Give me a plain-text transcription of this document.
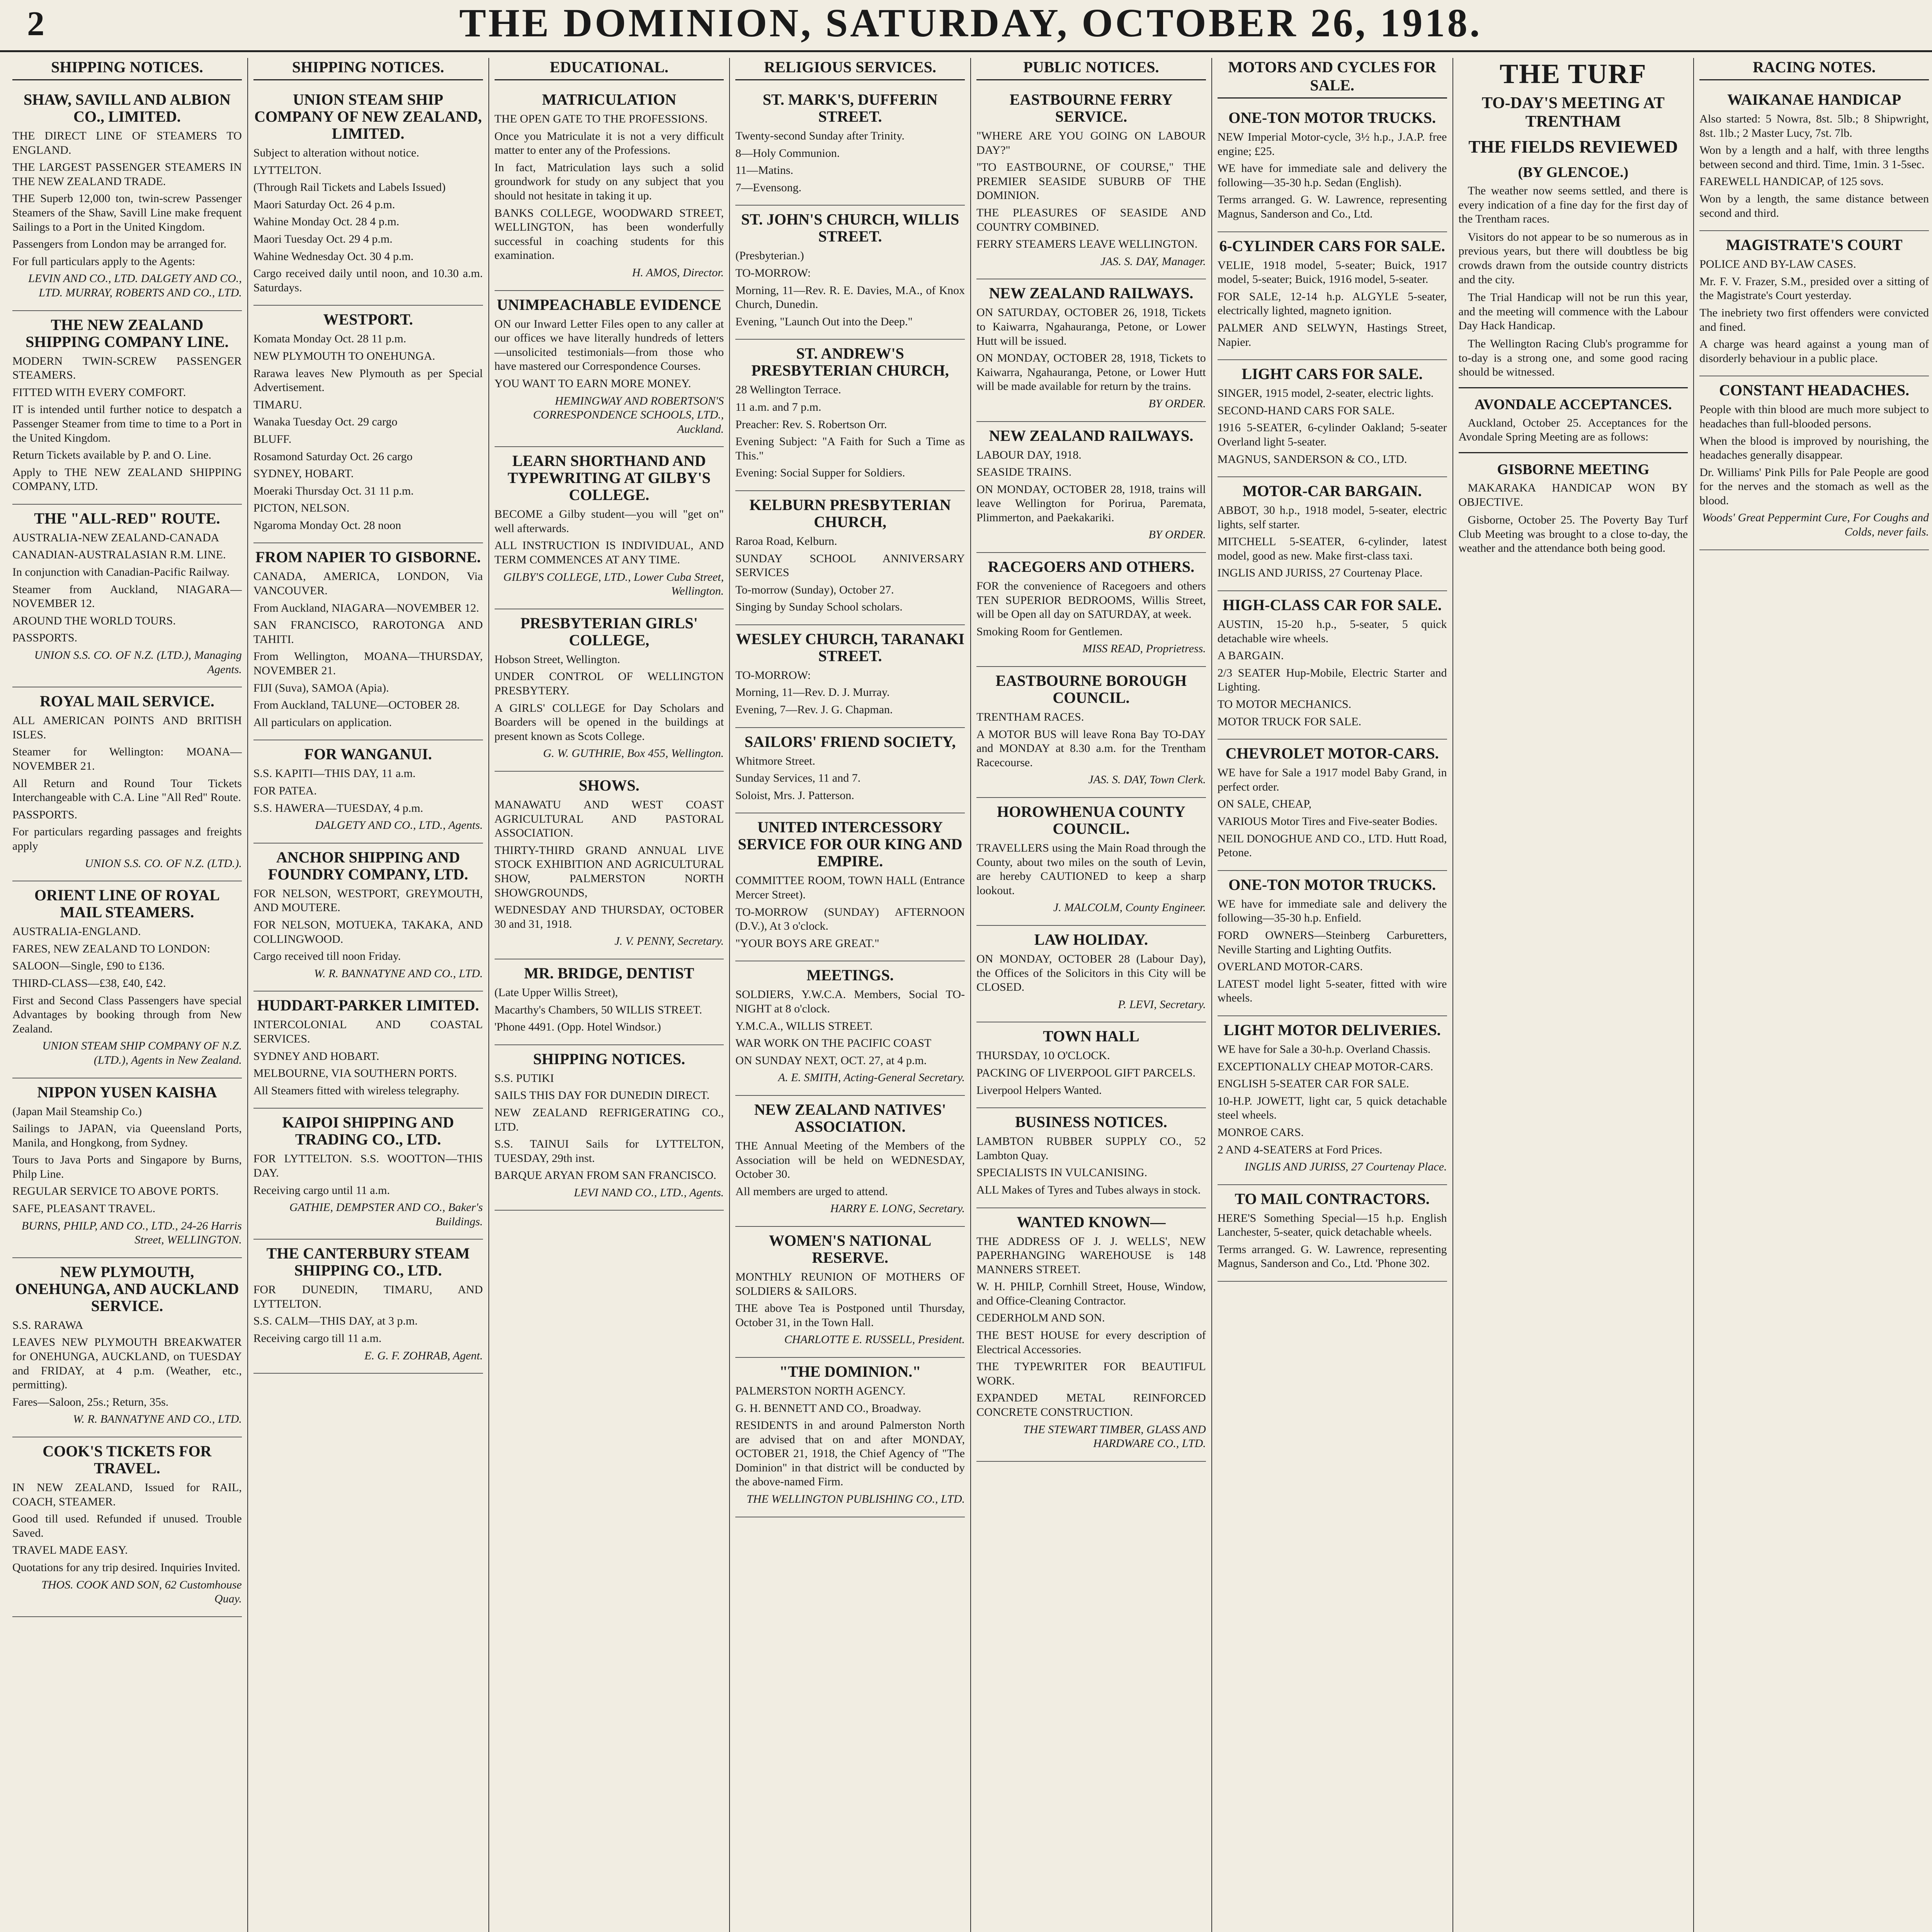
2	THE DOMINION, SATURDAY, OCTOBER 26, 1918.
SHIPPING NOTICES.
SHAW, SAVILL AND ALBION CO., LIMITED.

THE DIRECT LINE OF STEAMERS TO ENGLAND.

THE LARGEST PASSENGER STEAMERS IN THE NEW ZEALAND TRADE.

THE Superb 12,000 ton, twin-screw Passenger Steamers of the Shaw, Savill Line make frequent Sailings to a Port in the United Kingdom.

Passengers from London may be arranged for.

For full particulars apply to the Agents:

LEVIN AND CO., LTD. DALGETY AND CO., LTD. MURRAY, ROBERTS AND CO., LTD.

THE NEW ZEALAND SHIPPING COMPANY LINE.

MODERN TWIN-SCREW PASSENGER STEAMERS.

FITTED WITH EVERY COMFORT.

IT is intended until further notice to despatch a Passenger Steamer from time to time to a Port in the United Kingdom.

Return Tickets available by P. and O. Line.

Apply to THE NEW ZEALAND SHIPPING COMPANY, LTD.

THE "ALL-RED" ROUTE.

AUSTRALIA-NEW ZEALAND-CANADA

CANADIAN-AUSTRALASIAN R.M. LINE.

In conjunction with Canadian-Pacific Railway.

Steamer from Auckland, NIAGARA—NOVEMBER 12.

AROUND THE WORLD TOURS.

PASSPORTS.

UNION S.S. CO. OF N.Z. (LTD.), Managing Agents.

ROYAL MAIL SERVICE.

ALL AMERICAN POINTS AND BRITISH ISLES.

Steamer for Wellington: MOANA—NOVEMBER 21.

All Return and Round Tour Tickets Interchangeable with C.A. Line "All Red" Route.

PASSPORTS.

For particulars regarding passages and freights apply

UNION S.S. CO. OF N.Z. (LTD.).

ORIENT LINE OF ROYAL MAIL STEAMERS.

AUSTRALIA-ENGLAND.

FARES, NEW ZEALAND TO LONDON:

SALOON—Single, £90 to £136.

THIRD-CLASS—£38, £40, £42.

First and Second Class Passengers have special Advantages by booking through from New Zealand.

UNION STEAM SHIP COMPANY OF N.Z. (LTD.), Agents in New Zealand.

NIPPON YUSEN KAISHA

(Japan Mail Steamship Co.)

Sailings to JAPAN, via Queensland Ports, Manila, and Hongkong, from Sydney.

Tours to Java Ports and Singapore by Burns, Philp Line.

REGULAR SERVICE TO ABOVE PORTS.

SAFE, PLEASANT TRAVEL.

BURNS, PHILP, AND CO., LTD., 24-26 Harris Street, WELLINGTON.

NEW PLYMOUTH, ONEHUNGA, AND AUCKLAND SERVICE.

S.S. RARAWA

LEAVES NEW PLYMOUTH BREAKWATER for ONEHUNGA, AUCKLAND, on TUESDAY and FRIDAY, at 4 p.m. (Weather, etc., permitting).

Fares—Saloon, 25s.; Return, 35s.

W. R. BANNATYNE AND CO., LTD.

COOK'S TICKETS FOR TRAVEL.

IN NEW ZEALAND, Issued for RAIL, COACH, STEAMER.

Good till used. Refunded if unused. Trouble Saved.

TRAVEL MADE EASY.

Quotations for any trip desired. Inquiries Invited.

THOS. COOK AND SON, 62 Customhouse Quay.

SHIPPING NOTICES.
UNION STEAM SHIP COMPANY OF NEW ZEALAND, LIMITED.

Subject to alteration without notice.

LYTTELTON.

(Through Rail Tickets and Labels Issued)

Maori Saturday Oct. 26 4 p.m.

Wahine Monday Oct. 28 4 p.m.

Maori Tuesday Oct. 29 4 p.m.

Wahine Wednesday Oct. 30 4 p.m.

Cargo received daily until noon, and 10.30 a.m. Saturdays.

WESTPORT.

Komata Monday Oct. 28 11 p.m.

NEW PLYMOUTH TO ONEHUNGA.

Rarawa leaves New Plymouth as per Special Advertisement.

TIMARU.

Wanaka Tuesday Oct. 29 cargo

BLUFF.

Rosamond Saturday Oct. 26 cargo

SYDNEY, HOBART.

Moeraki Thursday Oct. 31 11 p.m.

PICTON, NELSON.

Ngaroma Monday Oct. 28 noon

FROM NAPIER TO GISBORNE.

CANADA, AMERICA, LONDON, Via VANCOUVER.

From Auckland, NIAGARA—NOVEMBER 12.

SAN FRANCISCO, RAROTONGA AND TAHITI.

From Wellington, MOANA—THURSDAY, NOVEMBER 21.

FIJI (Suva), SAMOA (Apia).

From Auckland, TALUNE—OCTOBER 28.

All particulars on application.

FOR WANGANUI.

S.S. KAPITI—THIS DAY, 11 a.m.

FOR PATEA.

S.S. HAWERA—TUESDAY, 4 p.m.

DALGETY AND CO., LTD., Agents.

ANCHOR SHIPPING AND FOUNDRY COMPANY, LTD.

FOR NELSON, WESTPORT, GREYMOUTH, AND MOUTERE.

FOR NELSON, MOTUEKA, TAKAKA, AND COLLINGWOOD.

Cargo received till noon Friday.

W. R. BANNATYNE AND CO., LTD.

HUDDART-PARKER LIMITED.

INTERCOLONIAL AND COASTAL SERVICES.

SYDNEY AND HOBART.

MELBOURNE, VIA SOUTHERN PORTS.

All Steamers fitted with wireless telegraphy.

KAIPOI SHIPPING AND TRADING CO., LTD.

FOR LYTTELTON. S.S. WOOTTON—THIS DAY.

Receiving cargo until 11 a.m.

GATHIE, DEMPSTER AND CO., Baker's Buildings.

THE CANTERBURY STEAM SHIPPING CO., LTD.

FOR DUNEDIN, TIMARU, AND LYTTELTON.

S.S. CALM—THIS DAY, at 3 p.m.

Receiving cargo till 11 a.m.

E. G. F. ZOHRAB, Agent.

EDUCATIONAL.
MATRICULATION

THE OPEN GATE TO THE PROFESSIONS.

Once you Matriculate it is not a very difficult matter to enter any of the Professions.

In fact, Matriculation lays such a solid groundwork for study on any subject that you should not hesitate in taking it up.

BANKS COLLEGE, WOODWARD STREET, WELLINGTON, has been wonderfully successful in coaching students for this examination.

H. AMOS, Director.

UNIMPEACHABLE EVIDENCE

ON our Inward Letter Files open to any caller at our offices we have literally hundreds of letters—unsolicited testimonials—from those who have mastered our Correspondence Courses.

YOU WANT TO EARN MORE MONEY.

HEMINGWAY AND ROBERTSON'S CORRESPONDENCE SCHOOLS, LTD., Auckland.

LEARN SHORTHAND AND TYPEWRITING AT GILBY'S COLLEGE.

BECOME a Gilby student—you will "get on" well afterwards.

ALL INSTRUCTION IS INDIVIDUAL, AND TERM COMMENCES AT ANY TIME.

GILBY'S COLLEGE, LTD., Lower Cuba Street, Wellington.

PRESBYTERIAN GIRLS' COLLEGE,

Hobson Street, Wellington.

UNDER CONTROL OF WELLINGTON PRESBYTERY.

A GIRLS' COLLEGE for Day Scholars and Boarders will be opened in the buildings at present known as Scots College.

G. W. GUTHRIE, Box 455, Wellington.

SHOWS.

MANAWATU AND WEST COAST AGRICULTURAL AND PASTORAL ASSOCIATION.

THIRTY-THIRD GRAND ANNUAL LIVE STOCK EXHIBITION AND AGRICULTURAL SHOW, PALMERSTON NORTH SHOWGROUNDS,

WEDNESDAY AND THURSDAY, OCTOBER 30 and 31, 1918.

J. V. PENNY, Secretary.

MR. BRIDGE, DENTIST

(Late Upper Willis Street),

Macarthy's Chambers, 50 WILLIS STREET.

'Phone 4491. (Opp. Hotel Windsor.)

SHIPPING NOTICES.

S.S. PUTIKI

SAILS THIS DAY FOR DUNEDIN DIRECT.

NEW ZEALAND REFRIGERATING CO., LTD.

S.S. TAINUI Sails for LYTTELTON, TUESDAY, 29th inst.

BARQUE ARYAN FROM SAN FRANCISCO.

LEVI NAND CO., LTD., Agents.

RELIGIOUS SERVICES.
ST. MARK'S, DUFFERIN STREET.

Twenty-second Sunday after Trinity.

8—Holy Communion.

11—Matins.

7—Evensong.

ST. JOHN'S CHURCH, WILLIS STREET.

(Presbyterian.)

TO-MORROW:

Morning, 11—Rev. R. E. Davies, M.A., of Knox Church, Dunedin.

Evening, "Launch Out into the Deep."

ST. ANDREW'S PRESBYTERIAN CHURCH,

28 Wellington Terrace.

11 a.m. and 7 p.m.

Preacher: Rev. S. Robertson Orr.

Evening Subject: "A Faith for Such a Time as This."

Evening: Social Supper for Soldiers.

KELBURN PRESBYTERIAN CHURCH,

Raroa Road, Kelburn.

SUNDAY SCHOOL ANNIVERSARY SERVICES

To-morrow (Sunday), October 27.

Singing by Sunday School scholars.

WESLEY CHURCH, TARANAKI STREET.

TO-MORROW:

Morning, 11—Rev. D. J. Murray.

Evening, 7—Rev. J. G. Chapman.

SAILORS' FRIEND SOCIETY,

Whitmore Street.

Sunday Services, 11 and 7.

Soloist, Mrs. J. Patterson.

UNITED INTERCESSORY SERVICE FOR OUR KING AND EMPIRE.

COMMITTEE ROOM, TOWN HALL (Entrance Mercer Street).

TO-MORROW (SUNDAY) AFTERNOON (D.V.), At 3 o'clock.

"YOUR BOYS ARE GREAT."

MEETINGS.

SOLDIERS, Y.W.C.A. Members, Social TO-NIGHT at 8 o'clock.

Y.M.C.A., WILLIS STREET.

WAR WORK ON THE PACIFIC COAST

ON SUNDAY NEXT, OCT. 27, at 4 p.m.

A. E. SMITH, Acting-General Secretary.

NEW ZEALAND NATIVES' ASSOCIATION.

THE Annual Meeting of the Members of the Association will be held on WEDNESDAY, October 30.

All members are urged to attend.

HARRY E. LONG, Secretary.

WOMEN'S NATIONAL RESERVE.

MONTHLY REUNION OF MOTHERS OF SOLDIERS & SAILORS.

THE above Tea is Postponed until Thursday, October 31, in the Town Hall.

CHARLOTTE E. RUSSELL, President.

"THE DOMINION."

PALMERSTON NORTH AGENCY.

G. H. BENNETT AND CO., Broadway.

RESIDENTS in and around Palmerston North are advised that on and after MONDAY, OCTOBER 21, 1918, the Chief Agency of "The Dominion" in that district will be conducted by the above-named Firm.

THE WELLINGTON PUBLISHING CO., LTD.

PUBLIC NOTICES.
EASTBOURNE FERRY SERVICE.

"WHERE ARE YOU GOING ON LABOUR DAY?"

"TO EASTBOURNE, OF COURSE," THE PREMIER SEASIDE SUBURB OF THE DOMINION.

THE PLEASURES OF SEASIDE AND COUNTRY COMBINED.

FERRY STEAMERS LEAVE WELLINGTON.

JAS. S. DAY, Manager.

NEW ZEALAND RAILWAYS.

ON SATURDAY, OCTOBER 26, 1918, Tickets to Kaiwarra, Ngahauranga, Petone, or Lower Hutt will be issued.

ON MONDAY, OCTOBER 28, 1918, Tickets to Kaiwarra, Ngahauranga, Petone, or Lower Hutt will be made available for return by the trains.

BY ORDER.

NEW ZEALAND RAILWAYS.

LABOUR DAY, 1918.

SEASIDE TRAINS.

ON MONDAY, OCTOBER 28, 1918, trains will leave Wellington for Porirua, Paremata, Plimmerton, and Paekakariki.

BY ORDER.

RACEGOERS AND OTHERS.

FOR the convenience of Racegoers and others TEN SUPERIOR BEDROOMS, Willis Street, will be Open all day on SATURDAY, at week.

Smoking Room for Gentlemen.

MISS READ, Proprietress.

EASTBOURNE BOROUGH COUNCIL.

TRENTHAM RACES.

A MOTOR BUS will leave Rona Bay TO-DAY and MONDAY at 8.30 a.m. for the Trentham Racecourse.

JAS. S. DAY, Town Clerk.

HOROWHENUA COUNTY COUNCIL.

TRAVELLERS using the Main Road through the County, about two miles on the south of Levin, are hereby CAUTIONED to keep a sharp lookout.

J. MALCOLM, County Engineer.

LAW HOLIDAY.

ON MONDAY, OCTOBER 28 (Labour Day), the Offices of the Solicitors in this City will be CLOSED.

P. LEVI, Secretary.

TOWN HALL

THURSDAY, 10 O'CLOCK.

PACKING OF LIVERPOOL GIFT PARCELS.

Liverpool Helpers Wanted.

BUSINESS NOTICES.

LAMBTON RUBBER SUPPLY CO., 52 Lambton Quay.

SPECIALISTS IN VULCANISING.

ALL Makes of Tyres and Tubes always in stock.

WANTED KNOWN—

THE ADDRESS OF J. J. WELLS', NEW PAPERHANGING WAREHOUSE is 148 MANNERS STREET.

W. H. PHILP, Cornhill Street, House, Window, and Office-Cleaning Contractor.

CEDERHOLM AND SON.

THE BEST HOUSE for every description of Electrical Accessories.

THE TYPEWRITER FOR BEAUTIFUL WORK.

EXPANDED METAL REINFORCED CONCRETE CONSTRUCTION.

THE STEWART TIMBER, GLASS AND HARDWARE CO., LTD.

MOTORS AND CYCLES FOR SALE.
ONE-TON MOTOR TRUCKS.

NEW Imperial Motor-cycle, 3½ h.p., J.A.P. free engine; £25.

WE have for immediate sale and delivery the following—35-30 h.p. Sedan (English).

Terms arranged. G. W. Lawrence, representing Magnus, Sanderson and Co., Ltd.

6-CYLINDER CARS FOR SALE.

VELIE, 1918 model, 5-seater; Buick, 1917 model, 5-seater; Buick, 1916 model, 5-seater.

FOR SALE, 12-14 h.p. ALGYLE 5-seater, electrically lighted, magneto ignition.

PALMER AND SELWYN, Hastings Street, Napier.

LIGHT CARS FOR SALE.

SINGER, 1915 model, 2-seater, electric lights.

SECOND-HAND CARS FOR SALE.

1916 5-SEATER, 6-cylinder Oakland; 5-seater Overland light 5-seater.

MAGNUS, SANDERSON & CO., LTD.

MOTOR-CAR BARGAIN.

ABBOT, 30 h.p., 1918 model, 5-seater, electric lights, self starter.

MITCHELL 5-SEATER, 6-cylinder, latest model, good as new. Make first-class taxi.

INGLIS AND JURISS, 27 Courtenay Place.

HIGH-CLASS CAR FOR SALE.

AUSTIN, 15-20 h.p., 5-seater, 5 quick detachable wire wheels.

A BARGAIN.

2/3 SEATER Hup-Mobile, Electric Starter and Lighting.

TO MOTOR MECHANICS.

MOTOR TRUCK FOR SALE.

CHEVROLET MOTOR-CARS.

WE have for Sale a 1917 model Baby Grand, in perfect order.

ON SALE, CHEAP,

VARIOUS Motor Tires and Five-seater Bodies.

NEIL DONOGHUE AND CO., LTD. Hutt Road, Petone.

ONE-TON MOTOR TRUCKS.

WE have for immediate sale and delivery the following—35-30 h.p. Enfield.

FORD OWNERS—Steinberg Carburetters, Neville Starting and Lighting Outfits.

OVERLAND MOTOR-CARS.

LATEST model light 5-seater, fitted with wire wheels.

LIGHT MOTOR DELIVERIES.

WE have for Sale a 30-h.p. Overland Chassis.

EXCEPTIONALLY CHEAP MOTOR-CARS.

ENGLISH 5-SEATER CAR FOR SALE.

10-H.P. JOWETT, light car, 5 quick detachable steel wheels.

MONROE CARS.

2 AND 4-SEATERS at Ford Prices.

INGLIS AND JURISS, 27 Courtenay Place.

TO MAIL CONTRACTORS.

HERE'S Something Special—15 h.p. English Lanchester, 5-seater, quick detachable wheels.

Terms arranged. G. W. Lawrence, representing Magnus, Sanderson and Co., Ltd. 'Phone 302.

THE TURF
TO-DAY'S MEETING AT TRENTHAM
THE FIELDS REVIEWED
(BY GLENCOE.)

The weather now seems settled, and there is every indication of a fine day for the first day of the Trentham races.

Visitors do not appear to be so numerous as in previous years, but there will doubtless be big crowds drawn from the outside country districts and the city.

The Trial Handicap will not be run this year, and the meeting will commence with the Labour Day Hack Handicap.

The Wellington Racing Club's programme for to-day is a strong one, and some good racing should be witnessed.

AVONDALE ACCEPTANCES.

Auckland, October 25. Acceptances for the Avondale Spring Meeting are as follows:

GISBORNE MEETING

MAKARAKA HANDICAP WON BY OBJECTIVE.

Gisborne, October 25. The Poverty Bay Turf Club Meeting was brought to a close to-day, the weather and the attendance both being good.

RACING NOTES.
WAIKANAE HANDICAP

Also started: 5 Nowra, 8st. 5lb.; 8 Shipwright, 8st. 1lb.; 2 Master Lucy, 7st. 7lb.

Won by a length and a half, with three lengths between second and third. Time, 1min. 3 1-5sec.

FAREWELL HANDICAP, of 125 sovs.

Won by a length, the same distance between second and third.

MAGISTRATE'S COURT

POLICE AND BY-LAW CASES.

Mr. F. V. Frazer, S.M., presided over a sitting of the Magistrate's Court yesterday.

The inebriety two first offenders were convicted and fined.

A charge was heard against a young man of disorderly behaviour in a public place.

CONSTANT HEADACHES.

People with thin blood are much more subject to headaches than full-blooded persons.

When the blood is improved by nourishing, the headaches generally disappear.

Dr. Williams' Pink Pills for Pale People are good for the nerves and the stomach as well as the blood.

Woods' Great Peppermint Cure, For Coughs and Colds, never fails.
